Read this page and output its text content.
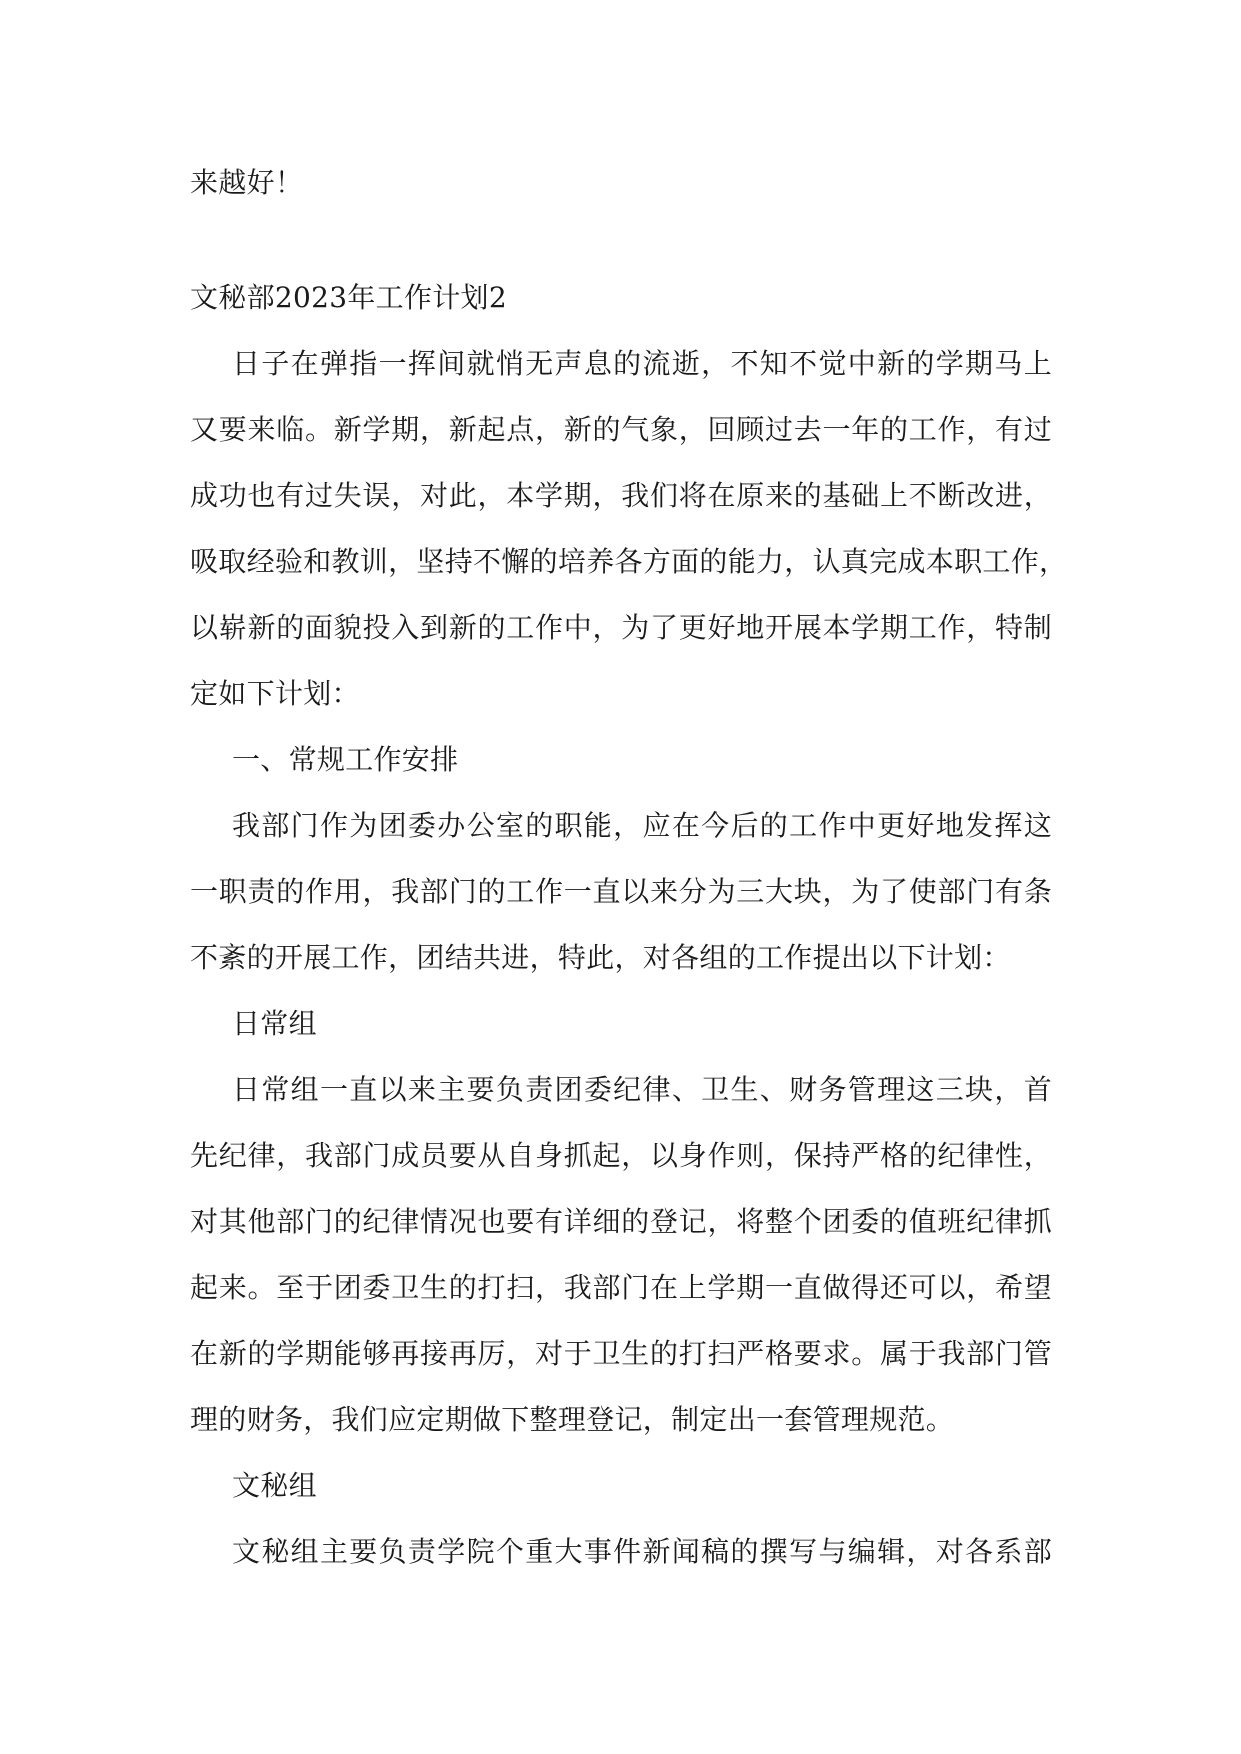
来越好！
文秘部2023年工作计划2
日子在弹指一挥间就悄无声息的流逝，不知不觉中新的学期马上
又要来临。新学期，新起点，新的气象，回顾过去一年的工作，有过
成功也有过失误，对此，本学期，我们将在原来的基础上不断改进，
吸取经验和教训，坚持不懈的培养各方面的能力，认真完成本职工作，
以崭新的面貌投入到新的工作中，为了更好地开展本学期工作，特制
定如下计划：
一、常规工作安排
我部门作为团委办公室的职能，应在今后的工作中更好地发挥这
一职责的作用，我部门的工作一直以来分为三大块，为了使部门有条
不紊的开展工作，团结共进，特此，对各组的工作提出以下计划：
日常组
日常组一直以来主要负责团委纪律、卫生、财务管理这三块，首
先纪律，我部门成员要从自身抓起，以身作则，保持严格的纪律性，
对其他部门的纪律情况也要有详细的登记，将整个团委的值班纪律抓
起来。至于团委卫生的打扫，我部门在上学期一直做得还可以，希望
在新的学期能够再接再厉，对于卫生的打扫严格要求。属于我部门管
理的财务，我们应定期做下整理登记，制定出一套管理规范。
文秘组
文秘组主要负责学院个重大事件新闻稿的撰写与编辑，对各系部
